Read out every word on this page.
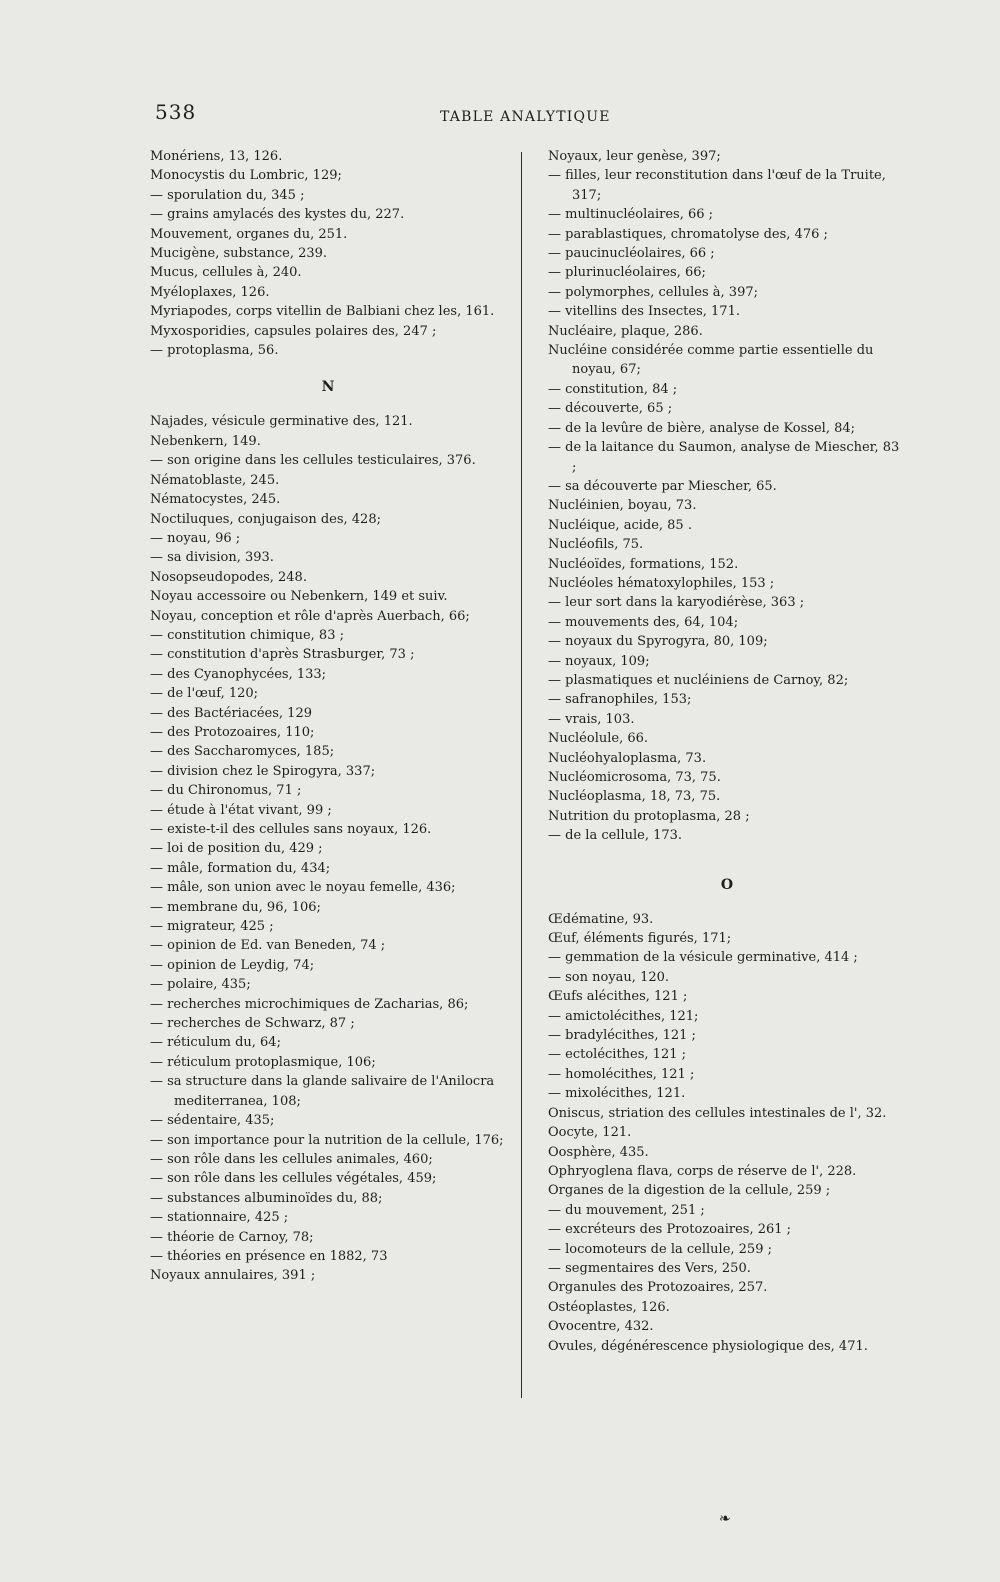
538	TABLE ANALYTIQUE

Monériens, 13, 126.

Monocystis du Lombric, 129;

— sporulation du, 345 ;

— grains amylacés des kystes du, 227.

Mouvement, organes du, 251.

Mucigène, substance, 239.

Mucus, cellules à, 240.

Myéloplaxes, 126.

Myriapodes, corps vitellin de Balbiani chez les, 161.

Myxosporidies, capsules polaires des, 247 ;

— protoplasma, 56.

N

Najades, vésicule germinative des, 121.

Nebenkern, 149.

— son origine dans les cellules testiculaires, 376.

Nématoblaste, 245.

Nématocystes, 245.

Noctiluques, conjugaison des, 428;

— noyau, 96 ;

— sa division, 393.

Nosopseudopodes, 248.

Noyau accessoire ou Nebenkern, 149 et suiv.

Noyau, conception et rôle d'après Auerbach, 66;

— constitution chimique, 83 ;

— constitution d'après Strasburger, 73 ;

— des Cyanophycées, 133;

— de l'œuf, 120;

— des Bactériacées, 129

— des Protozoaires, 110;

— des Saccharomyces, 185;

— division chez le Spirogyra, 337;

— du Chironomus, 71 ;

— étude à l'état vivant, 99 ;

— existe-t-il des cellules sans noyaux, 126.

— loi de position du, 429 ;

— mâle, formation du, 434;

— mâle, son union avec le noyau femelle, 436;

— membrane du, 96, 106;

— migrateur, 425 ;

— opinion de Ed. van Beneden, 74 ;

— opinion de Leydig, 74;

— polaire, 435;

— recherches microchimiques de Zacharias, 86;

— recherches de Schwarz, 87 ;

— réticulum du, 64;

— réticulum protoplasmique, 106;

— sa structure dans la glande salivaire de l'Anilocra mediterranea, 108;

— sédentaire, 435;

— son importance pour la nutrition de la cellule, 176;

— son rôle dans les cellules animales, 460;

— son rôle dans les cellules végétales, 459;

— substances albuminoïdes du, 88;

— stationnaire, 425 ;

— théorie de Carnoy, 78;

— théories en présence en 1882, 73

Noyaux annulaires, 391 ;

Noyaux, leur genèse, 397;

— filles, leur reconstitution dans l'œuf de la Truite, 317;

— multinucléolaires, 66 ;

— parablastiques, chromatolyse des, 476 ;

— paucinucléolaires, 66 ;

— plurinucléolaires, 66;

— polymorphes, cellules à, 397;

— vitellins des Insectes, 171.

Nucléaire, plaque, 286.

Nucléine considérée comme partie essentielle du noyau, 67;

— constitution, 84 ;

— découverte, 65 ;

— de la levûre de bière, analyse de Kossel, 84;

— de la laitance du Saumon, analyse de Miescher, 83 ;

— sa découverte par Miescher, 65.

Nucléinien, boyau, 73.

Nucléique, acide, 85 .

Nucléofils, 75.

Nucléoïdes, formations, 152.

Nucléoles hématoxylophiles, 153 ;

— leur sort dans la karyodiérèse, 363 ;

— mouvements des, 64, 104;

— noyaux du Spyrogyra, 80, 109;

— noyaux, 109;

— plasmatiques et nucléiniens de Carnoy, 82;

— safranophiles, 153;

— vrais, 103.

Nucléolule, 66.

Nucléohyaloplasma, 73.

Nucléomicrosoma, 73, 75.

Nucléoplasma, 18, 73, 75.

Nutrition du protoplasma, 28 ;

— de la cellule, 173.

O

Œdématine, 93.

Œuf, éléments figurés, 171;

— gemmation de la vésicule germinative, 414 ;

— son noyau, 120.

Œufs alécithes, 121 ;

— amictolécithes, 121;

— bradylécithes, 121 ;

— ectolécithes, 121 ;

— homolécithes, 121 ;

— mixolécithes, 121.

Oniscus, striation des cellules intestinales de l', 32.

Oocyte, 121.

Oosphère, 435.

Ophryoglena flava, corps de réserve de l', 228.

Organes de la digestion de la cellule, 259 ;

— du mouvement, 251 ;

— excréteurs des Protozoaires, 261 ;

— locomoteurs de la cellule, 259 ;

— segmentaires des Vers, 250.

Organules des Protozoaires, 257.

Ostéoplastes, 126.

Ovocentre, 432.

Ovules, dégénérescence physiologique des, 471.

❧
